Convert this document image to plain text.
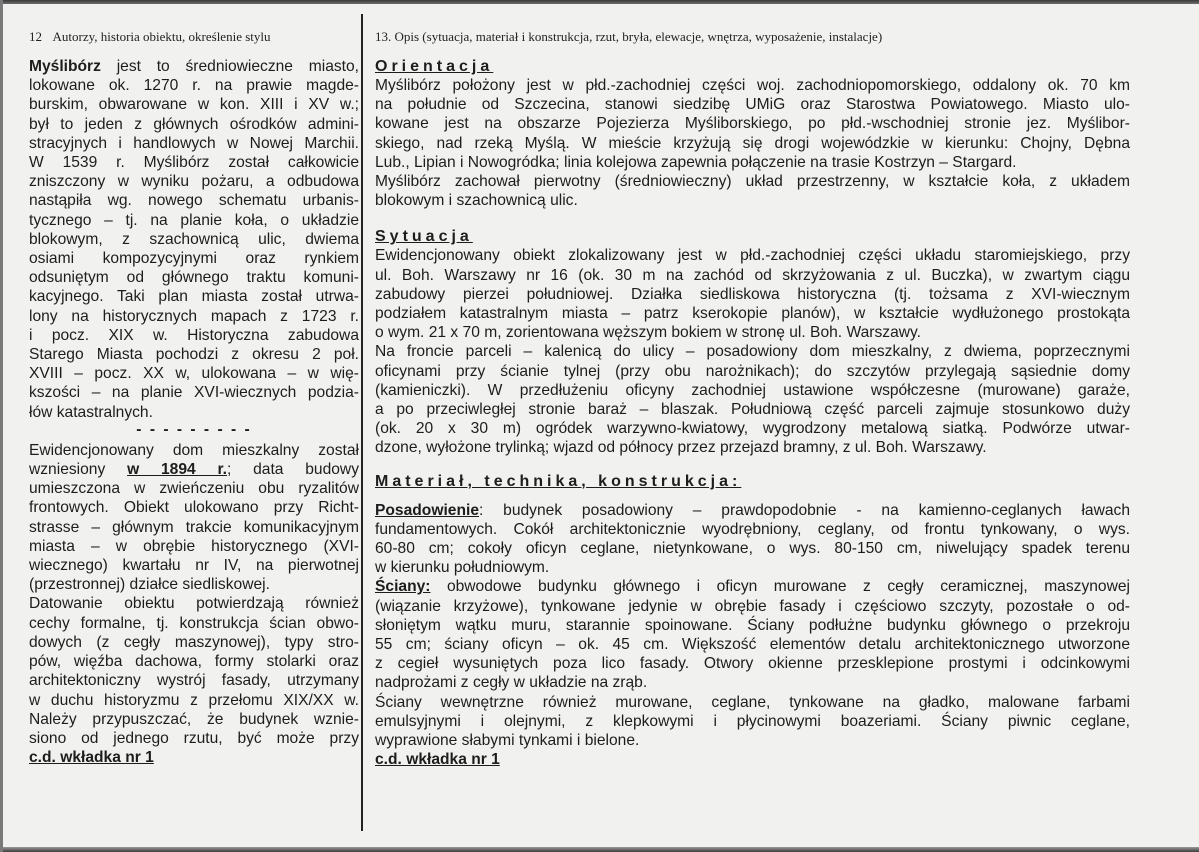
12 Autorzy, historia obiektu, określenie stylu

Myślibórz jest to średniowieczne miasto,

lokowane ok. 1270 r. na prawie magde-

burskim, obwarowane w kon. XIII i XV w.;

był to jeden z głównych ośrodków admini-

stracyjnych i handlowych w Nowej Marchii.

W 1539 r. Myślibórz został całkowicie

zniszczony w wyniku pożaru, a odbudowa

nastąpiła wg. nowego schematu urbanis-

tycznego – tj. na planie koła, o układzie

blokowym, z szachownicą ulic, dwiema

osiami kompozycyjnymi oraz rynkiem

odsuniętym od głównego traktu komuni-

kacyjnego. Taki plan miasta został utrwa-

lony na historycznych mapach z 1723 r.

i pocz. XIX w. Historyczna zabudowa

Starego Miasta pochodzi z okresu 2 poł.

XVIII – pocz. XX w, ulokowana – w wię-

kszości – na planie XVI-wiecznych podzia-

łów katastralnych.

- - - - - - - - -

Ewidencjonowany dom mieszkalny został

wzniesiony w 1894 r.; data budowy

umieszczona w zwieńczeniu obu ryzalitów

frontowych. Obiekt ulokowano przy Richt-

strasse – głównym trakcie komunikacyjnym

miasta – w obrębie historycznego (XVI-

wiecznego) kwartału nr IV, na pierwotnej

(przestronnej) działce siedliskowej.

Datowanie obiektu potwierdzają również

cechy formalne, tj. konstrukcja ścian obwo-

dowych (z cegły maszynowej), typy stro-

pów, więźba dachowa, formy stolarki oraz

architektoniczny wystrój fasady, utrzymany

w duchu historyzmu z przełomu XIX/XX w.

Należy przypuszczać, że budynek wznie-

siono od jednego rzutu, być może przy

c.d. wkładka nr 1

13. Opis (sytuacja, materiał i konstrukcja, rzut, bryła, elewacje, wnętrza, wyposażenie, instalacje)
Orientacja

Myślibórz położony jest w płd.-zachodniej części woj. zachodniopomorskiego, oddalony ok. 70 km

na południe od Szczecina, stanowi siedzibę UMiG oraz Starostwa Powiatowego. Miasto ulo-

kowane jest na obszarze Pojezierza Myśliborskiego, po płd.-wschodniej stronie jez. Myślibor-

skiego, nad rzeką Myślą. W mieście krzyżują się drogi wojewódzkie w kierunku: Chojny, Dębna

Lub., Lipian i Nowogródka; linia kolejowa zapewnia połączenie na trasie Kostrzyn – Stargard.

Myślibórz zachował pierwotny (średniowieczny) układ przestrzenny, w kształcie koła, z układem

blokowym i szachownicą ulic.

Sytuacja

Ewidencjonowany obiekt zlokalizowany jest w płd.-zachodniej części układu staromiejskiego, przy

ul. Boh. Warszawy nr 16 (ok. 30 m na zachód od skrzyżowania z ul. Buczka), w zwartym ciągu

zabudowy pierzei południowej. Działka siedliskowa historyczna (tj. tożsama z XVI-wiecznym

podziałem katastralnym miasta – patrz kserokopie planów), w kształcie wydłużonego prostokąta

o wym. 21 x 70 m, zorientowana węższym bokiem w stronę ul. Boh. Warszawy.

Na froncie parceli – kalenicą do ulicy – posadowiony dom mieszkalny, z dwiema, poprzecznymi

oficynami przy ścianie tylnej (przy obu narożnikach); do szczytów przylegają sąsiednie domy

(kamieniczki). W przedłużeniu oficyny zachodniej ustawione współczesne (murowane) garaże,

a po przeciwległej stronie baraż – blaszak. Południową część parceli zajmuje stosunkowo duży

(ok. 20 x 30 m) ogródek warzywno-kwiatowy, wygrodzony metalową siatką. Podwórze utwar-

dzone, wyłożone trylinką; wjazd od północy przez przejazd bramny, z ul. Boh. Warszawy.

Materiał, technika, konstrukcja:

Posadowienie: budynek posadowiony – prawdopodobnie - na kamienno-ceglanych ławach

fundamentowych. Cokół architektonicznie wyodrębniony, ceglany, od frontu tynkowany, o wys.

60-80 cm; cokoły oficyn ceglane, nietynkowane, o wys. 80-150 cm, niwelujący spadek terenu

w kierunku południowym.

Ściany: obwodowe budynku głównego i oficyn murowane z cegły ceramicznej, maszynowej

(wiązanie krzyżowe), tynkowane jedynie w obrębie fasady i częściowo szczyty, pozostałe o od-

słoniętym wątku muru, starannie spoinowane. Ściany podłużne budynku głównego o przekroju

55 cm; ściany oficyn – ok. 45 cm. Większość elementów detalu architektonicznego utworzone

z cegieł wysuniętych poza lico fasady. Otwory okienne przesklepione prostymi i odcinkowymi

nadprożami z cegły w układzie na zrąb.

Ściany wewnętrzne również murowane, ceglane, tynkowane na gładko, malowane farbami

emulsyjnymi i olejnymi, z klepkowymi i płycinowymi boazeriami. Ściany piwnic ceglane,

wyprawione słabymi tynkami i bielone.

c.d. wkładka nr 1
